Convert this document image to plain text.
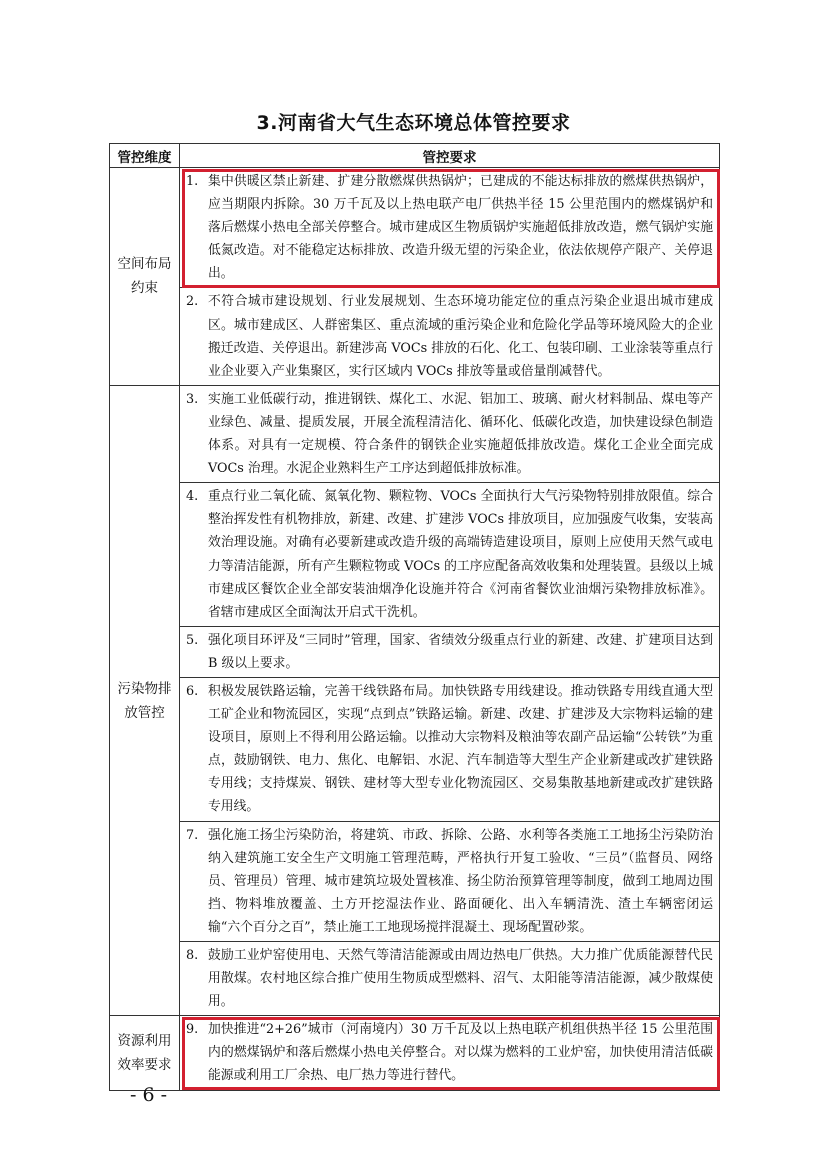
3.河南省大气生态环境总体管控要求
管控维度	管控要求
空间布局约束	1. 集中供暖区禁止新建、扩建分散燃煤供热锅炉；已建成的不能达标排放的燃煤供热锅炉，应当期限内拆除。30 万千瓦及以上热电联产电厂供热半径 15 公里范围内的燃煤锅炉和落后燃煤小热电全部关停整合。城市建成区生物质锅炉实施超低排放改造，燃气锅炉实施低氮改造。对不能稳定达标排放、改造升级无望的污染企业，依法依规停产限产、关停退出。

	2. 不符合城市建设规划、行业发展规划、生态环境功能定位的重点污染企业退出城市建成区。城市建成区、人群密集区、重点流域的重污染企业和危险化学品等环境风险大的企业搬迁改造、关停退出。新建涉高 VOCs 排放的石化、化工、包装印刷、工业涂装等重点行业企业要入产业集聚区，实行区域内 VOCs 排放等量或倍量削减替代。

污染物排放管控	3. 实施工业低碳行动，推进钢铁、煤化工、水泥、铝加工、玻璃、耐火材料制品、煤电等产业绿色、减量、提质发展，开展全流程清洁化、循环化、低碳化改造，加快建设绿色制造体系。对具有一定规模、符合条件的钢铁企业实施超低排放改造。煤化工企业全面完成 VOCs 治理。水泥企业熟料生产工序达到超低排放标准。

	4. 重点行业二氧化硫、氮氧化物、颗粒物、VOCs 全面执行大气污染物特别排放限值。综合整治挥发性有机物排放，新建、改建、扩建涉 VOCs 排放项目，应加强废气收集，安装高效治理设施。对确有必要新建或改造升级的高端铸造建设项目，原则上应使用天然气或电力等清洁能源，所有产生颗粒物或 VOCs 的工序应配备高效收集和处理装置。县级以上城市建成区餐饮企业全部安装油烟净化设施并符合《河南省餐饮业油烟污染物排放标准》。省辖市建成区全面淘汰开启式干洗机。

	5. 强化项目环评及“三同时”管理，国家、省绩效分级重点行业的新建、改建、扩建项目达到 B 级以上要求。

	6. 积极发展铁路运输，完善干线铁路布局。加快铁路专用线建设。推动铁路专用线直通大型工矿企业和物流园区，实现“点到点”铁路运输。新建、改建、扩建涉及大宗物料运输的建设项目，原则上不得利用公路运输。以推动大宗物料及粮油等农副产品运输“公转铁”为重点，鼓励钢铁、电力、焦化、电解铝、水泥、汽车制造等大型生产企业新建或改扩建铁路专用线；支持煤炭、钢铁、建材等大型专业化物流园区、交易集散基地新建或改扩建铁路专用线。

	7. 强化施工扬尘污染防治，将建筑、市政、拆除、公路、水利等各类施工工地扬尘污染防治纳入建筑施工安全生产文明施工管理范畴，严格执行开复工验收、“三员”（监督员、网络员、管理员）管理、城市建筑垃圾处置核准、扬尘防治预算管理等制度，做到工地周边围挡、物料堆放覆盖、土方开挖湿法作业、路面硬化、出入车辆清洗、渣土车辆密闭运输“六个百分之百”，禁止施工工地现场搅拌混凝土、现场配置砂浆。

	8. 鼓励工业炉窑使用电、天然气等清洁能源或由周边热电厂供热。大力推广优质能源替代民用散煤。农村地区综合推广使用生物质成型燃料、沼气、太阳能等清洁能源，减少散煤使用。

资源利用效率要求	9. 加快推进“2+26”城市（河南境内）30 万千瓦及以上热电联产机组供热半径 15 公里范围内的燃煤锅炉和落后燃煤小热电关停整合。对以煤为燃料的工业炉窑，加快使用清洁低碳能源或利用工厂余热、电厂热力等进行替代。
- 6 -
